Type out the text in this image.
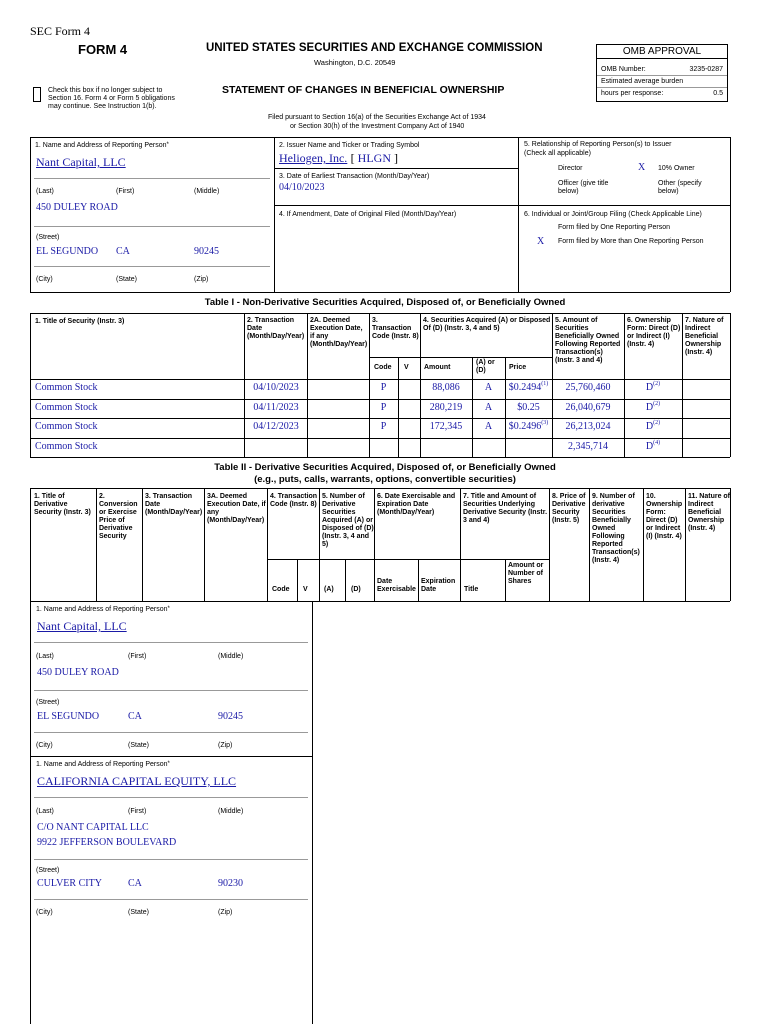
SEC Form 4
FORM 4	UNITED STATES SECURITIES AND EXCHANGE COMMISSION
Washington, D.C. 20549
Check this box if no longer subject to Section 16. Form 4 or Form 5 obligations may continue. See Instruction 1(b).
STATEMENT OF CHANGES IN BENEFICIAL OWNERSHIP
Filed pursuant to Section 16(a) of the Securities Exchange Act of 1934
or Section 30(h) of the Investment Company Act of 1940
OMB APPROVAL
OMB Number:	3235-0287
Estimated average burden
hours per response:	0.5
1. Name and Address of Reporting Person*
Nant Capital, LLC
(Last)	(First)	(Middle)
450 DULEY ROAD
(Street)
EL SEGUNDO CA	90245
(City)	(State)	(Zip)
2. Issuer Name and Ticker or Trading Symbol
Heliogen, Inc. [ HLGN ]
3. Date of Earliest Transaction (Month/Day/Year)
04/10/2023
4. If Amendment, Date of Original Filed (Month/Day/Year)
5. Relationship of Reporting Person(s) to Issuer
(Check all applicable)
Director	X 10% Owner
Officer (give title below)
Other (specify below)
6. Individual or Joint/Group Filing (Check Applicable Line)
Form filed by One Reporting Person
X Form filed by More than One Reporting Person
Table I - Non-Derivative Securities Acquired, Disposed of, or Beneficially Owned
1. Title of Security (Instr. 3)	2. Transaction Date (Month/Day/Year)
2A. Deemed Execution Date, if any (Month/Day/Year)
3. Transaction Code (Instr. 8)
4. Securities Acquired (A) or Disposed Of (D) (Instr. 3, 4 and 5)
5. Amount of Securities Beneficially Owned Following Reported Transaction(s) (Instr. 3 and 4)
6. Ownership Form: Direct (D) or Indirect (I) (Instr. 4)
7. Nature of Indirect Beneficial Ownership (Instr. 4)
Code V Amount
(A) or (D)	Price
Common Stock	04/10/2023	P	88,086	A	$0.2494$^{(1)}$	25,760,460	$D^{(2)}$
Common Stock	04/11/2023	P	280,219	A	$0.25	26,040,679	$D^{(2)}$
Common Stock	04/12/2023	P	172,345	A	$0.2496$^{(3)}$	26,213,024	$D^{(2)}$
Common Stock	2,345,714	$D^{(4)}$
Table II - Derivative Securities Acquired, Disposed of, or Beneficially Owned
(e.g., puts, calls, warrants, options, convertible securities)
1. Title of Derivative Security (Instr. 3)
2. Conversion or Exercise Price of Derivative Security
3. Transaction Date (Month/Day/Year)
3A. Deemed Execution Date, if any (Month/Day/Year)
4. Transaction Code (Instr. 8)
5. Number of Derivative Securities Acquired (A) or Disposed of (D) (Instr. 3, 4 and 5)
6. Date Exercisable and Expiration Date (Month/Day/Year)
7. Title and Amount of Securities Underlying Derivative Security (Instr. 3 and 4)
8. Price of Derivative Security (Instr. 5)
9. Number of derivative Securities Beneficially Owned Following Reported Transaction(s) (Instr. 4)
10. Ownership Form: Direct (D) or Indirect (I) (Instr. 4)
11. Nature of Indirect Beneficial Ownership (Instr. 4)
Code V (A) (D)
Date Exercisable
Expiration Date	Title
Amount or Number of Shares
1. Name and Address of Reporting Person*
Nant Capital, LLC
(Last)	(First)	(Middle)
450 DULEY ROAD
(Street)
EL SEGUNDO	CA	90245
(City)	(State)	(Zip)
1. Name and Address of Reporting Person*
CALIFORNIA CAPITAL EQUITY, LLC
(Last)	(First)	(Middle)
C/O NANT CAPITAL LLC
9922 JEFFERSON BOULEVARD
(Street)
CULVER CITY	CA	90230
(City)	(State)	(Zip)
